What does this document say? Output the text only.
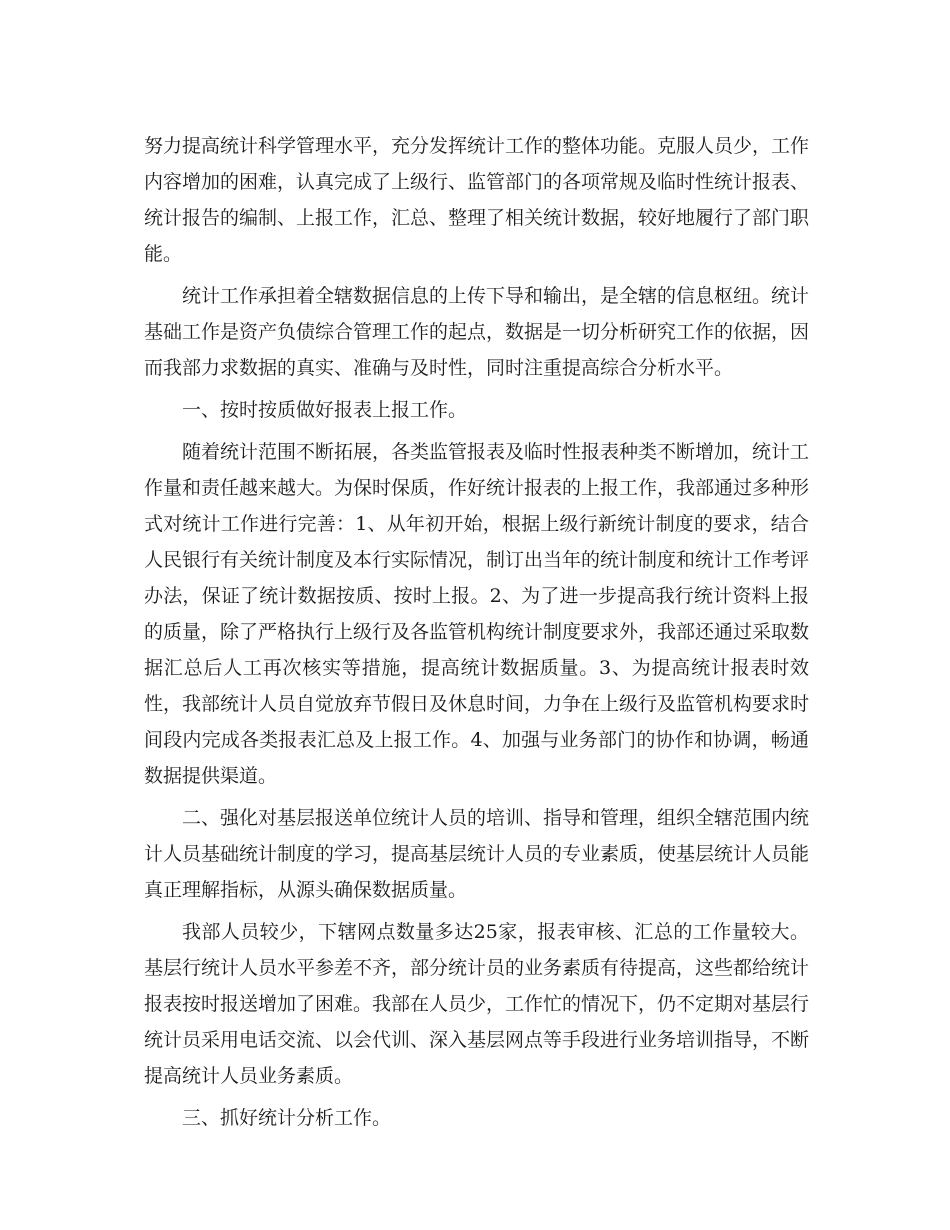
努力提高统计科学管理水平，充分发挥统计工作的整体功能。克服人员少，工作内容增加的困难，认真完成了上级行、监管部门的各项常规及临时性统计报表、统计报告的编制、上报工作，汇总、整理了相关统计数据，较好地履行了部门职能。

统计工作承担着全辖数据信息的上传下导和输出，是全辖的信息枢纽。统计基础工作是资产负债综合管理工作的起点，数据是一切分析研究工作的依据，因而我部力求数据的真实、准确与及时性，同时注重提高综合分析水平。

一、按时按质做好报表上报工作。

随着统计范围不断拓展，各类监管报表及临时性报表种类不断增加，统计工作量和责任越来越大。为保时保质，作好统计报表的上报工作，我部通过多种形式对统计工作进行完善：1、从年初开始，根据上级行新统计制度的要求，结合人民银行有关统计制度及本行实际情况，制订出当年的统计制度和统计工作考评办法，保证了统计数据按质、按时上报。2、为了进一步提高我行统计资料上报的质量，除了严格执行上级行及各监管机构统计制度要求外，我部还通过采取数据汇总后人工再次核实等措施，提高统计数据质量。3、为提高统计报表时效性，我部统计人员自觉放弃节假日及休息时间，力争在上级行及监管机构要求时间段内完成各类报表汇总及上报工作。4、加强与业务部门的协作和协调，畅通数据提供渠道。

二、强化对基层报送单位统计人员的培训、指导和管理，组织全辖范围内统计人员基础统计制度的学习，提高基层统计人员的专业素质，使基层统计人员能真正理解指标，从源头确保数据质量。

我部人员较少，下辖网点数量多达25家，报表审核、汇总的工作量较大。基层行统计人员水平参差不齐，部分统计员的业务素质有待提高，这些都给统计报表按时报送增加了困难。我部在人员少，工作忙的情况下，仍不定期对基层行统计员采用电话交流、以会代训、深入基层网点等手段进行业务培训指导，不断提高统计人员业务素质。

三、抓好统计分析工作。
